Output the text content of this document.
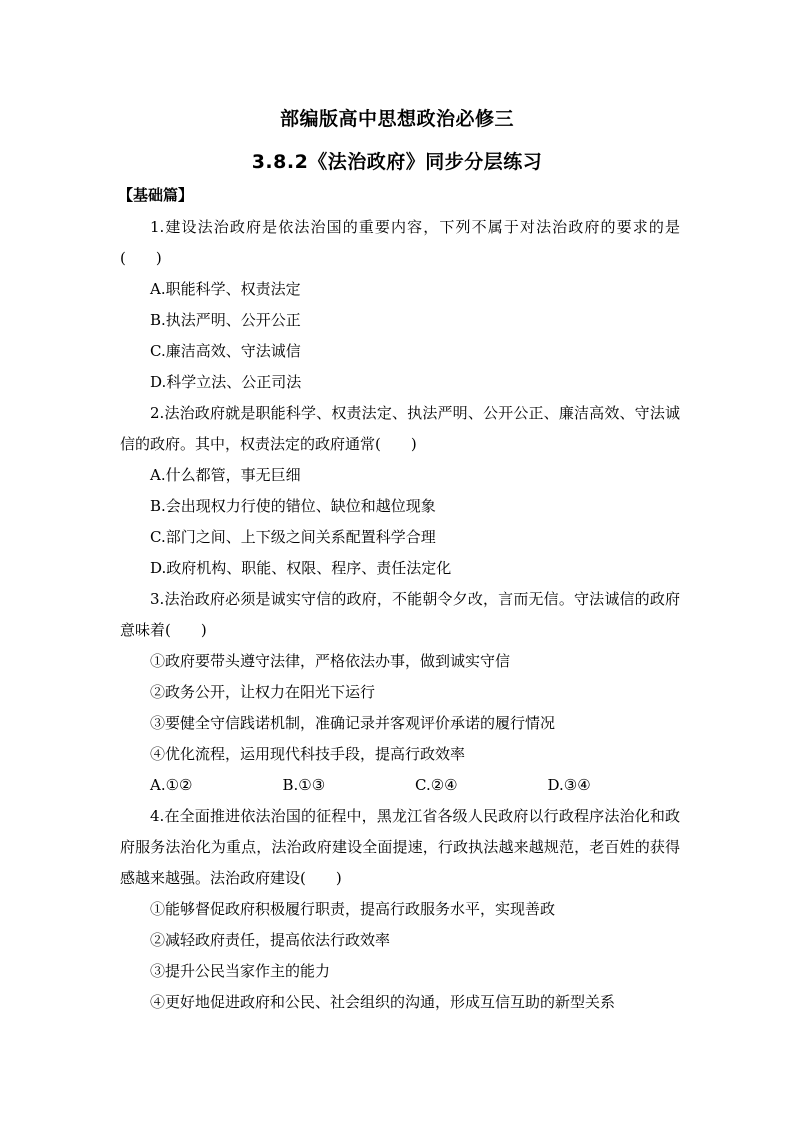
部编版高中思想政治必修三
3.8.2《法治政府》同步分层练习
【基础篇】

1.建设法治政府是依法治国的重要内容，下列不属于对法治政府的要求的是(　　)

A.职能科学、权责法定

B.执法严明、公开公正

C.廉洁高效、守法诚信

D.科学立法、公正司法

2.法治政府就是职能科学、权责法定、执法严明、公开公正、廉洁高效、守法诚信的政府。其中，权责法定的政府通常(　　)

A.什么都管，事无巨细

B.会出现权力行使的错位、缺位和越位现象

C.部门之间、上下级之间关系配置科学合理

D.政府机构、职能、权限、程序、责任法定化

3.法治政府必须是诚实守信的政府，不能朝令夕改，言而无信。守法诚信的政府意味着(　　)

①政府要带头遵守法律，严格依法办事，做到诚实守信

②政务公开，让权力在阳光下运行

③要健全守信践诺机制，准确记录并客观评价承诺的履行情况

④优化流程，运用现代科技手段，提高行政效率

A.①②	B.①③	C.②④	D.③④

4.在全面推进依法治国的征程中，黑龙江省各级人民政府以行政程序法治化和政府服务法治化为重点，法治政府建设全面提速，行政执法越来越规范，老百姓的获得感越来越强。法治政府建设(　　)

①能够督促政府积极履行职责，提高行政服务水平，实现善政

②减轻政府责任，提高依法行政效率

③提升公民当家作主的能力

④更好地促进政府和公民、社会组织的沟通，形成互信互助的新型关系
